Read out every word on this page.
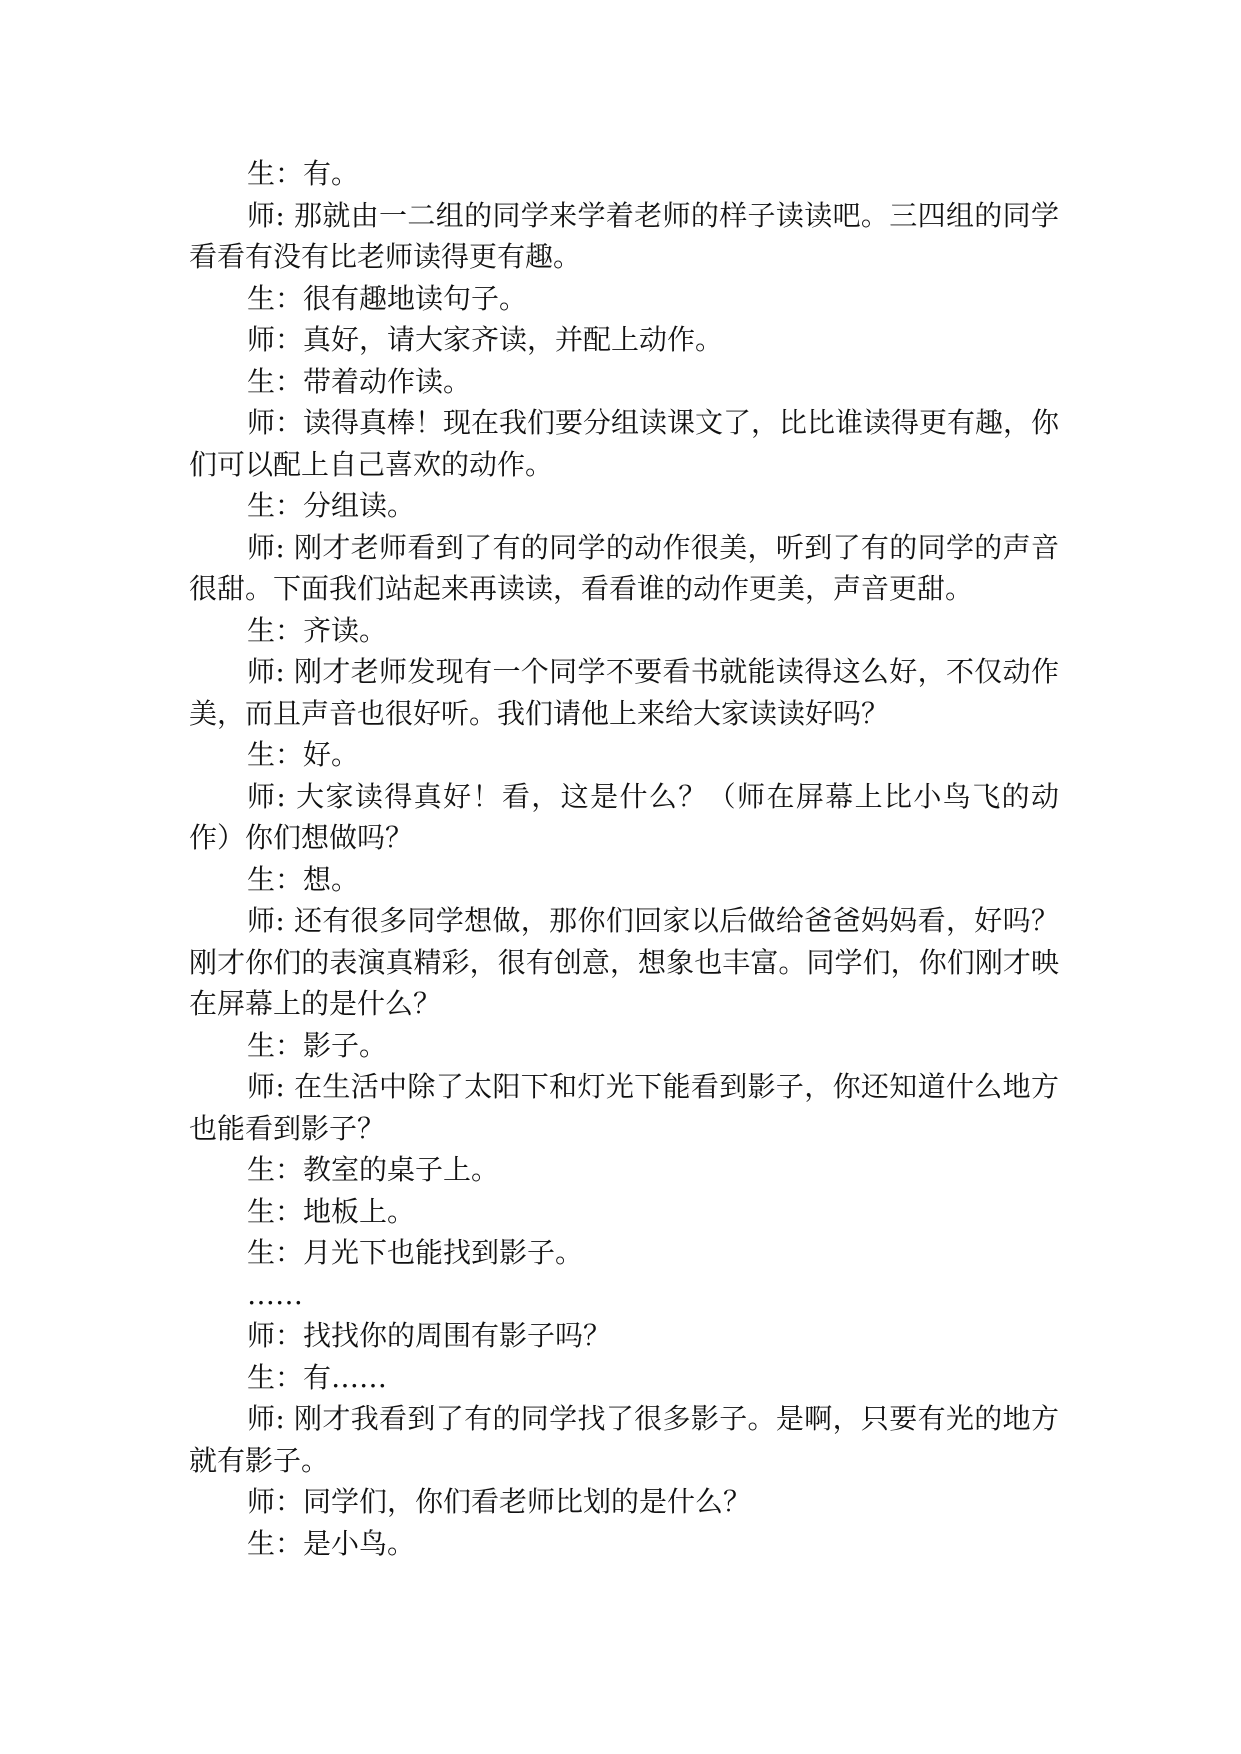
生：有。

师: 那就由一二组的同学来学着老师的样子读读吧。三四组的同学看看有没有比老师读得更有趣。

生：很有趣地读句子。

师：真好，请大家齐读，并配上动作。

生：带着动作读。

师：读得真棒！现在我们要分组读课文了，比比谁读得更有趣，你们可以配上自己喜欢的动作。

生：分组读。

师: 刚才老师看到了有的同学的动作很美，听到了有的同学的声音很甜。下面我们站起来再读读，看看谁的动作更美，声音更甜。

生：齐读。

师: 刚才老师发现有一个同学不要看书就能读得这么好，不仅动作美，而且声音也很好听。我们请他上来给大家读读好吗？

生：好。

师: 大家读得真好！看，这是什么？（师在屏幕上比小鸟飞的动作）你们想做吗？

生：想。

师: 还有很多同学想做，那你们回家以后做给爸爸妈妈看，好吗？刚才你们的表演真精彩，很有创意，想象也丰富。同学们，你们刚才映在屏幕上的是什么？

生：影子。

师: 在生活中除了太阳下和灯光下能看到影子，你还知道什么地方也能看到影子？

生：教室的桌子上。

生：地板上。

生：月光下也能找到影子。

……

师：找找你的周围有影子吗？

生：有……

师: 刚才我看到了有的同学找了很多影子。是啊，只要有光的地方就有影子。

师：同学们，你们看老师比划的是什么？

生：是小鸟。
